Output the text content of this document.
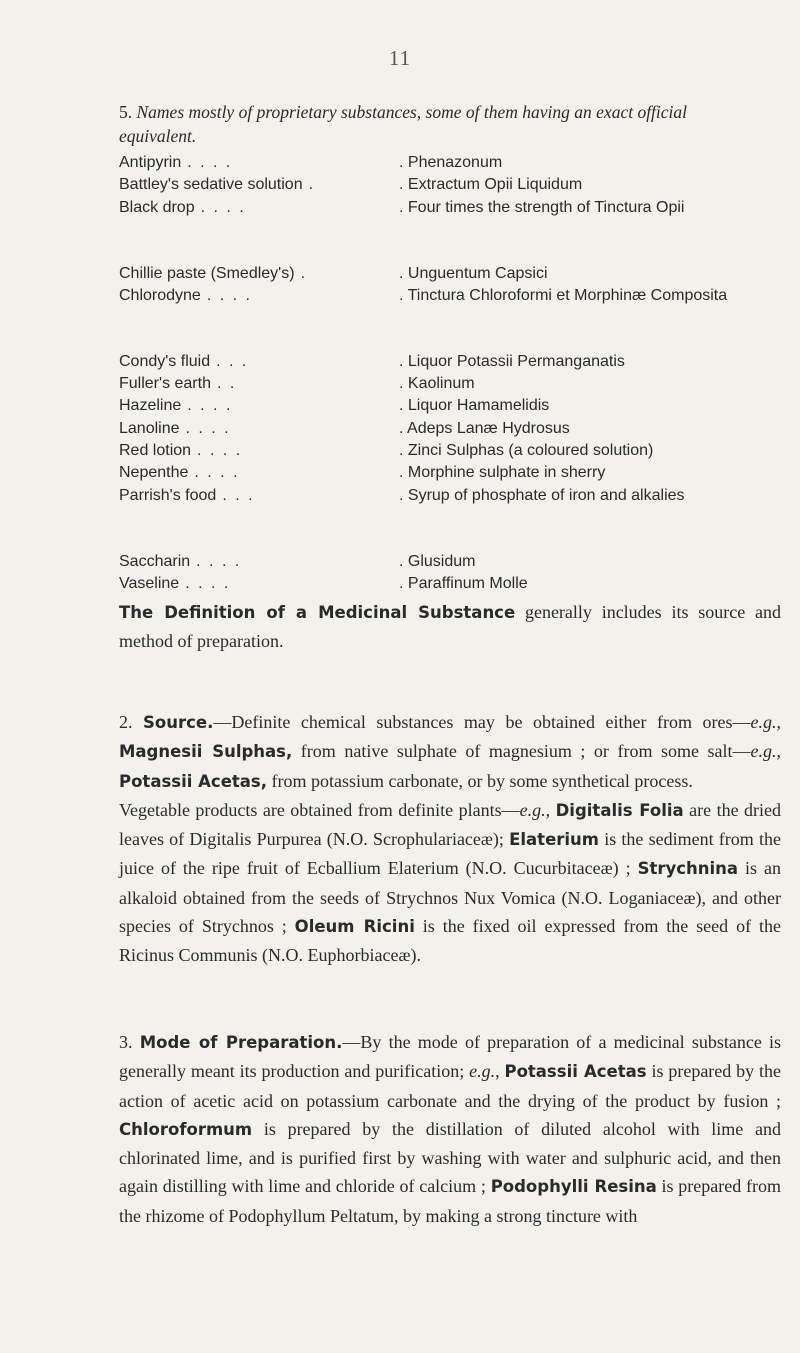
11
5. Names mostly of proprietary substances, some of them having an exact official equivalent.
Antipyrin . . . .	. Phenazonum
Battley's sedative solution .	. Extractum Opii Liquidum
Black drop . . . .	. Four times the strength of Tinctura Opii
Chillie paste (Smedley's) .	. Unguentum Capsici
Chlorodyne . . . .	. Tinctura Chloroformi et Morphinæ Composita
Condy's fluid . . .	. Liquor Potassii Permanganatis
Fuller's earth . .	. Kaolinum
Hazeline . . . .	. Liquor Hamamelidis
Lanoline . . . .	. Adeps Lanæ Hydrosus
Red lotion . . . .	. Zinci Sulphas (a coloured solution)
Nepenthe . . . .	. Morphine sulphate in sherry
Parrish's food . . .	. Syrup of phosphate of iron and alkalies
Saccharin . . . .	. Glusidum
Vaseline . . . .	. Paraffinum Molle

The Definition of a Medicinal Substance generally includes its source and method of preparation.

2. Source.—Definite chemical substances may be obtained either from ores—e.g., Magnesii Sulphas, from native sulphate of magnesium ; or from some salt—e.g., Potassii Acetas, from potassium carbonate, or by some synthetical process.

Vegetable products are obtained from definite plants—e.g., Digitalis Folia are the dried leaves of Digitalis Purpurea (N.O. Scrophulariaceæ); Elaterium is the sediment from the juice of the ripe fruit of Ecballium Elaterium (N.O. Cucurbitaceæ) ; Strychnina is an alkaloid obtained from the seeds of Strychnos Nux Vomica (N.O. Loganiaceæ), and other species of Strychnos ; Oleum Ricini is the fixed oil expressed from the seed of the Ricinus Communis (N.O. Euphorbiaceæ).

3. Mode of Preparation.—By the mode of preparation of a medicinal substance is generally meant its production and purification; e.g., Potassii Acetas is prepared by the action of acetic acid on potassium carbonate and the drying of the product by fusion ; Chloroformum is prepared by the distillation of diluted alcohol with lime and chlorinated lime, and is purified first by washing with water and sulphuric acid, and then again distilling with lime and chloride of calcium ; Podophylli Resina is prepared from the rhizome of Podophyllum Peltatum, by making a strong tincture with
